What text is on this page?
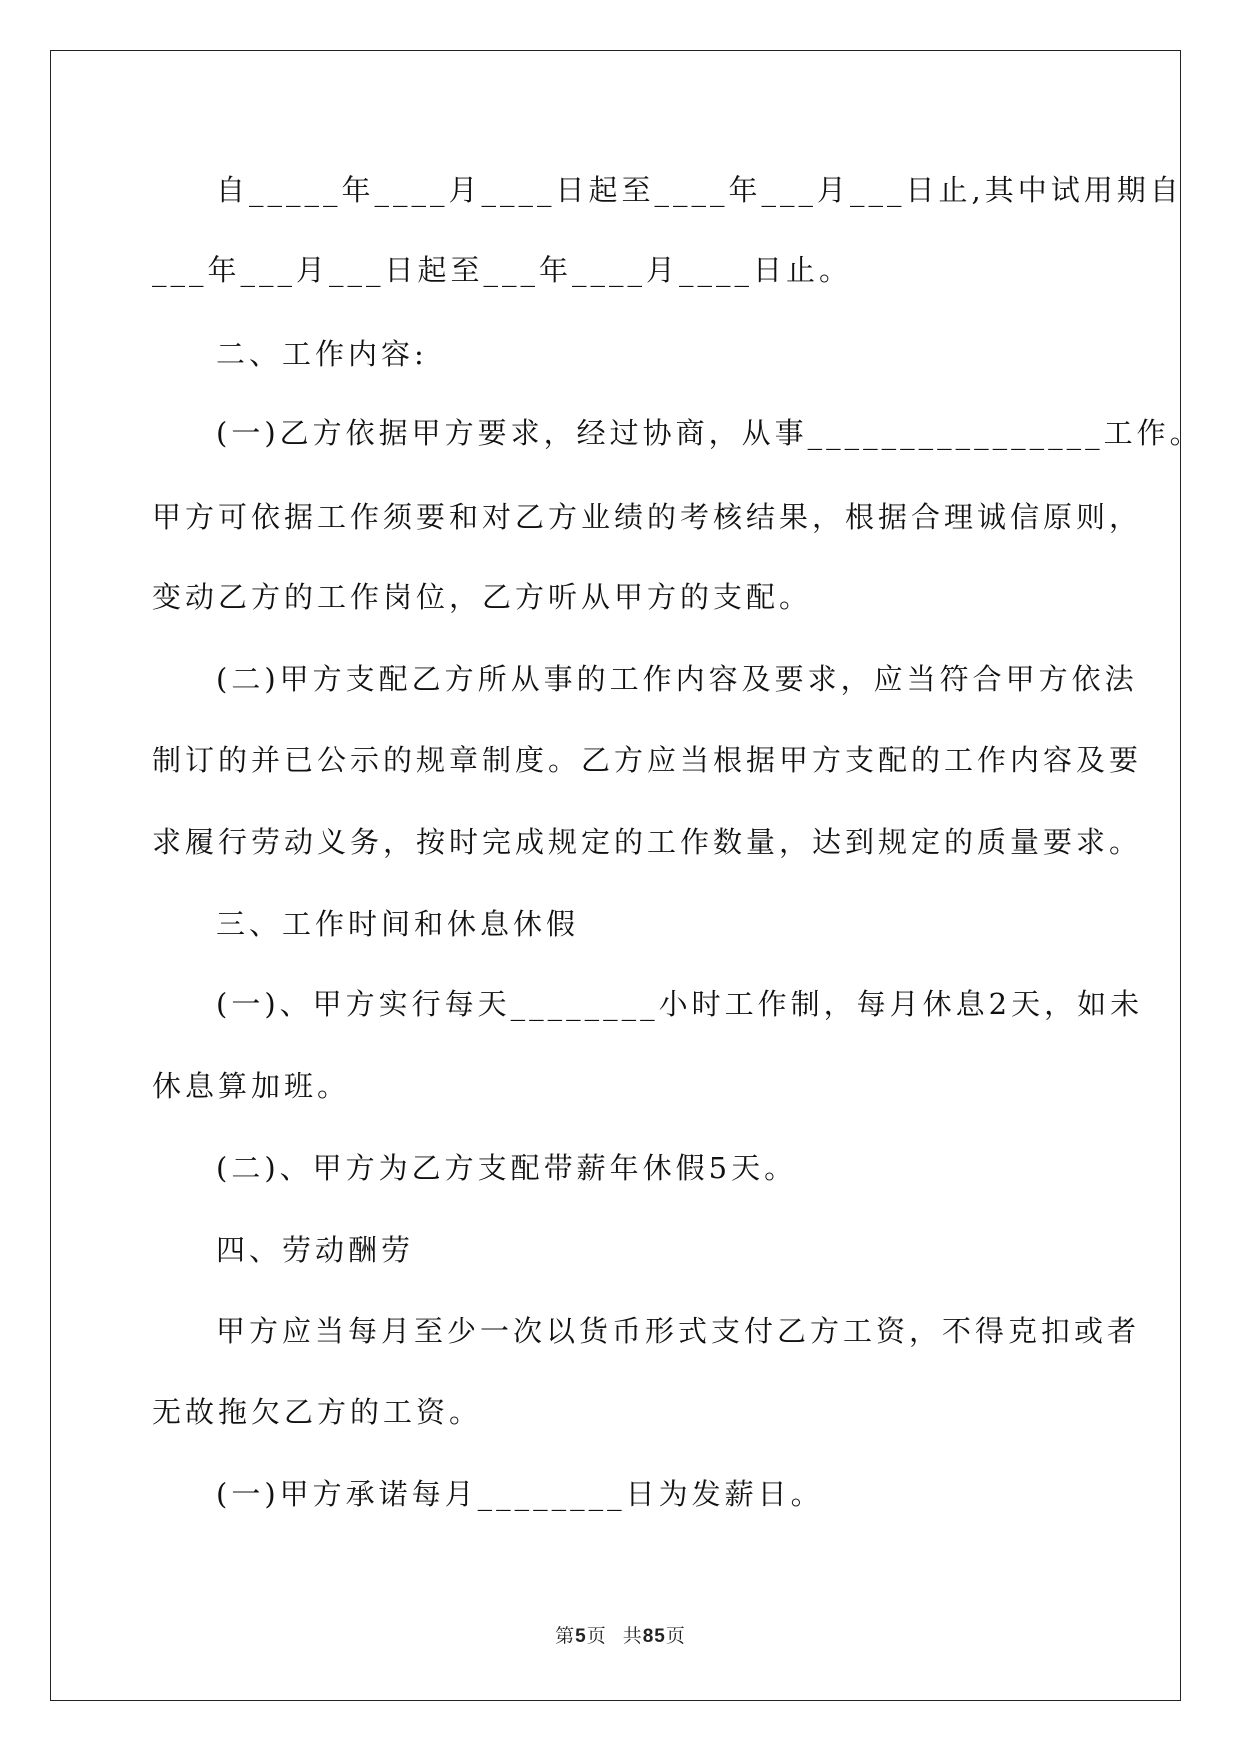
自_____年____月____日起至____年___月___日止,其中试用期自
___年___月___日起至___年____月____日止。
二、工作内容:
(一)乙方依据甲方要求，经过协商，从事________________工作。
甲方可依据工作须要和对乙方业绩的考核结果，根据合理诚信原则，
变动乙方的工作岗位，乙方听从甲方的支配。
(二)甲方支配乙方所从事的工作内容及要求，应当符合甲方依法
制订的并已公示的规章制度。乙方应当根据甲方支配的工作内容及要
求履行劳动义务，按时完成规定的工作数量，达到规定的质量要求。
三、工作时间和休息休假
(一)、甲方实行每天________小时工作制，每月休息2天，如未
休息算加班。
(二)、甲方为乙方支配带薪年休假5天。
四、劳动酬劳
甲方应当每月至少一次以货币形式支付乙方工资，不得克扣或者
无故拖欠乙方的工资。
(一)甲方承诺每月________日为发薪日。
第5页 共85页
